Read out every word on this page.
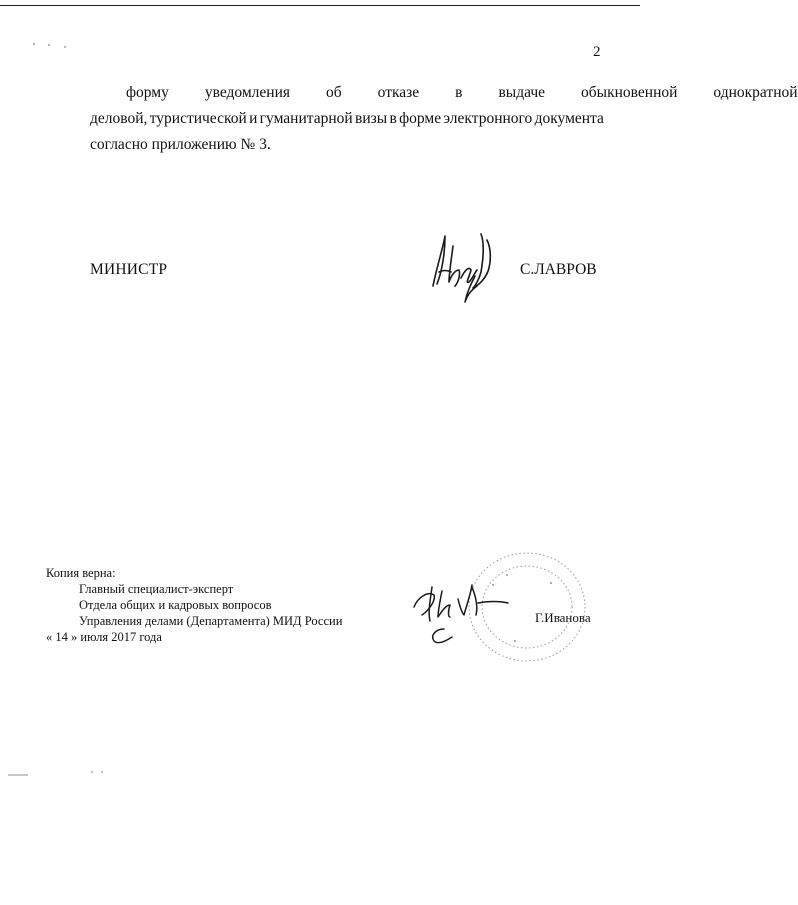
2
форму	уведомления	об	отказе	в	выдаче	обыкновенной	однократной
деловой, туристической и гуманитарной визы в форме электронного документа
согласно приложению № 3.
МИНИСТР	С.ЛАВРОВ
Копия верна:
Главный специалист-эксперт
Отдела общих и кадровых вопросов
Управления делами (Департамента) МИД России
« 14 » июля 2017 года
Г.Иванова
